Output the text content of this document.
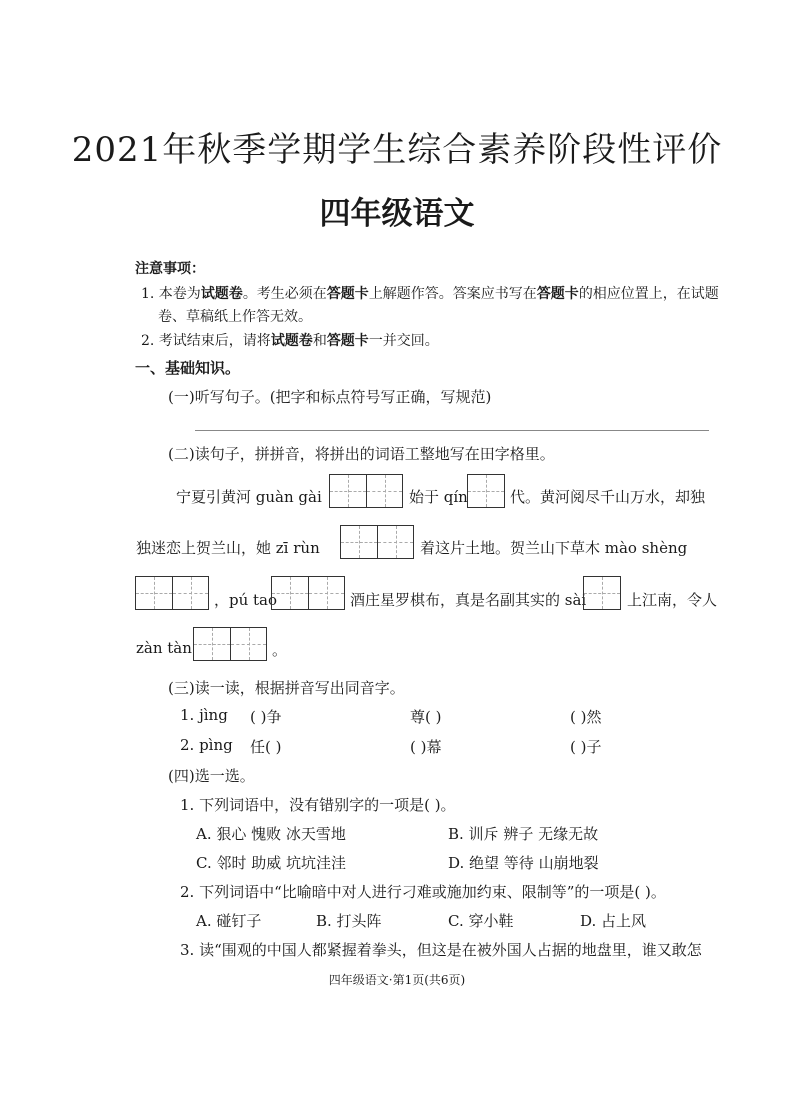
2021年秋季学期学生综合素养阶段性评价
四年级语文
注意事项：
1. 本卷为试题卷。考生必须在答题卡上解题作答。答案应书写在答题卡的相应位置上，在试题
卷、草稿纸上作答无效。
2. 考试结束后，请将试题卷和答题卡一并交回。
一、基础知识。
(一)听写句子。(把字和标点符号写正确，写规范)
(二)读句子，拼拼音，将拼出的词语工整地写在田字格里。
宁夏引黄河 guàn gài	始于 qín	代。黄河阅尽千山万水，却独
独迷恋上贺兰山，她 zī rùn	着这片土地。贺兰山下草木 mào shèng
，pú tao	酒庄星罗棋布，真是名副其实的 sài	上江南，令人
zàn tàn	。
(三)读一读，根据拼音写出同音字。
1. jìng ( )争	尊( )	( )然
2. pìng 任( )	( )幕	( )子
(四)选一选。
1. 下列词语中，没有错别字的一项是( )。
A. 狠心 愧败 冰天雪地	B. 训斥 辨子 无缘无故
C. 邻时 助威 坑坑洼洼	D. 绝望 等待 山崩地裂
2. 下列词语中“比喻暗中对人进行刁难或施加约束、限制等”的一项是( )。
A. 碰钉子	B. 打头阵	C. 穿小鞋	D. 占上风
3. 读“围观的中国人都紧握着拳头，但这是在被外国人占据的地盘里，谁又敢怎
四年级语文·第1页(共6页)
